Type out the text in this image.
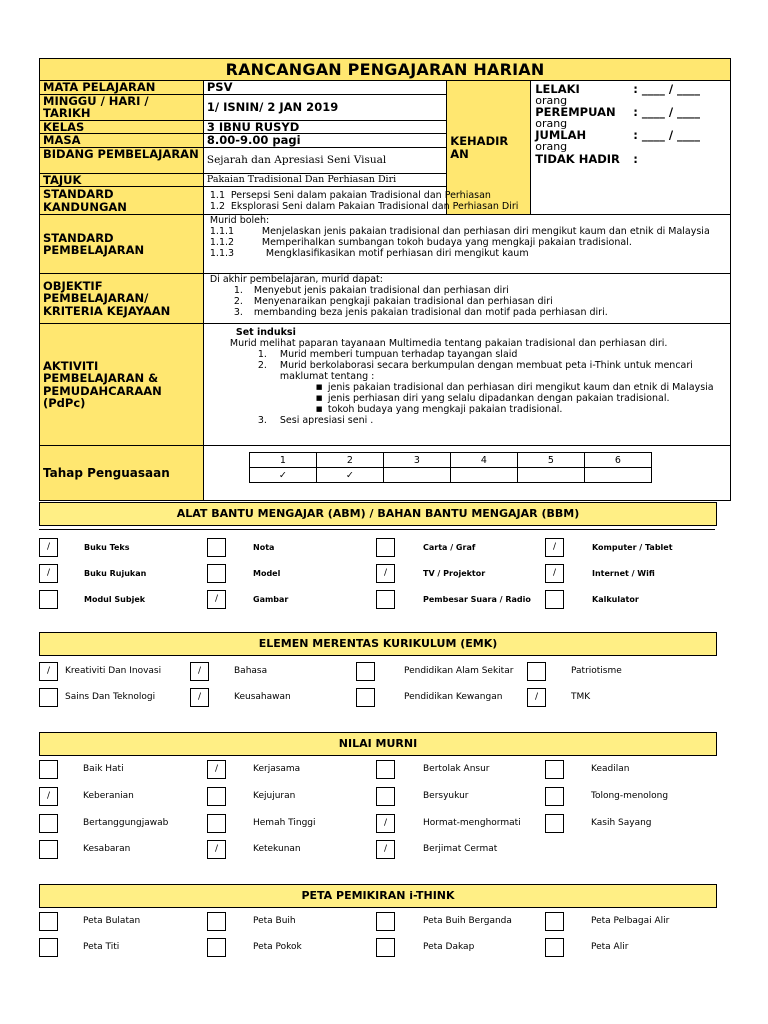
RANCANGAN PENGAJARAN HARIAN
MATA PELAJARAN	PSV	KEHADIR AN	
LELAKI	: ____ / ____
orang
PEREMPUAN	: ____ / ____
orang
JUMLAH	: ____ / ____
orang
TIDAK HADIR	:

MINGGU / HARI / TARIKH	1/ ISNIN/ 2 JAN 2019
KELAS	3 IBNU RUSYD
MASA	8.00-9.00 pagi
BIDANG PEMBELAJARAN	Sejarah dan Apresiasi Seni Visual
TAJUK	Pakaian Tradisional Dan Perhiasan Diri
STANDARD KANDUNGAN	
1.1 Persepsi Seni dalam pakaian Tradisional dan Perhiasan
1.2 Eksplorasi Seni dalam Pakaian Tradisional dan Perhiasan Diri

STANDARD PEMBELAJARAN	
Murid boleh:
1.1.1	Menjelaskan jenis pakaian tradisional dan perhiasan diri mengikut kaum dan etnik di Malaysia
1.1.2	Memperihalkan sumbangan tokoh budaya yang mengkaji pakaian tradisional.
1.1.3	Mengklasifikasikan motif perhiasan diri mengikut kaum

OBJEKTIF PEMBELAJARAN/ KRITERIA KEJAYAAN	
Di akhir pembelajaran, murid dapat:
1.	Menyebut jenis pakaian tradisional dan perhiasan diri
2.	Menyenaraikan pengkaji pakaian tradisional dan perhiasan diri
3.	membanding beza jenis pakaian tradisional dan motif pada perhiasan diri.

AKTIVITI PEMBELAJARAN & PEMUDAHCARAAN (PdPc)	
Set induksi
Murid melihat paparan tayanaan Multimedia tentang pakaian tradisional dan perhiasan diri.
1.	Murid memberi tumpuan terhadap tayangan slaid
2.	Murid berkolaborasi secara berkumpulan dengan membuat peta i-Think untuk mencari maklumat tentang :
■ jenis pakaian tradisional dan perhiasan diri mengikut kaum dan etnik di Malaysia
■ jenis perhiasan diri yang selalu dipadankan dengan pakaian tradisional.
■ tokoh budaya yang mengkaji pakaian tradisional.
3.	Sesi apresiasi seni .

Tahap Penguasaan	
1	2	3	4	5	6
✓	✓				
ALAT BANTU MENGAJAR (ABM) / BAHAN BANTU MENGAJAR (BBM)
/	Buku Teks	Nota	Carta / Graf	/	Komputer / Tablet
/	Buku Rujukan	Model	/	TV / Projektor	/	Internet / Wifi
Modul Subjek	/	Gambar	Pembesar Suara / Radio	Kalkulator
ELEMEN MERENTAS KURIKULUM (EMK)
/	Kreativiti Dan Inovasi	/	Bahasa	Pendidikan Alam Sekitar	Patriotisme
Sains Dan Teknologi	/	Keusahawan	Pendidikan Kewangan	/	TMK
NILAI MURNI
Baik Hati	/	Kerjasama	Bertolak Ansur	Keadilan
/	Keberanian	Kejujuran	Bersyukur	Tolong-menolong
Bertanggungjawab	Hemah Tinggi	/	Hormat-menghormati	Kasih Sayang
Kesabaran	/	Ketekunan	/	Berjimat Cermat
PETA PEMIKIRAN i-THINK
Peta Bulatan	Peta Buih	Peta Buih Berganda	Peta Pelbagai Alir
Peta Titi	Peta Pokok	Peta Dakap	Peta Alir
